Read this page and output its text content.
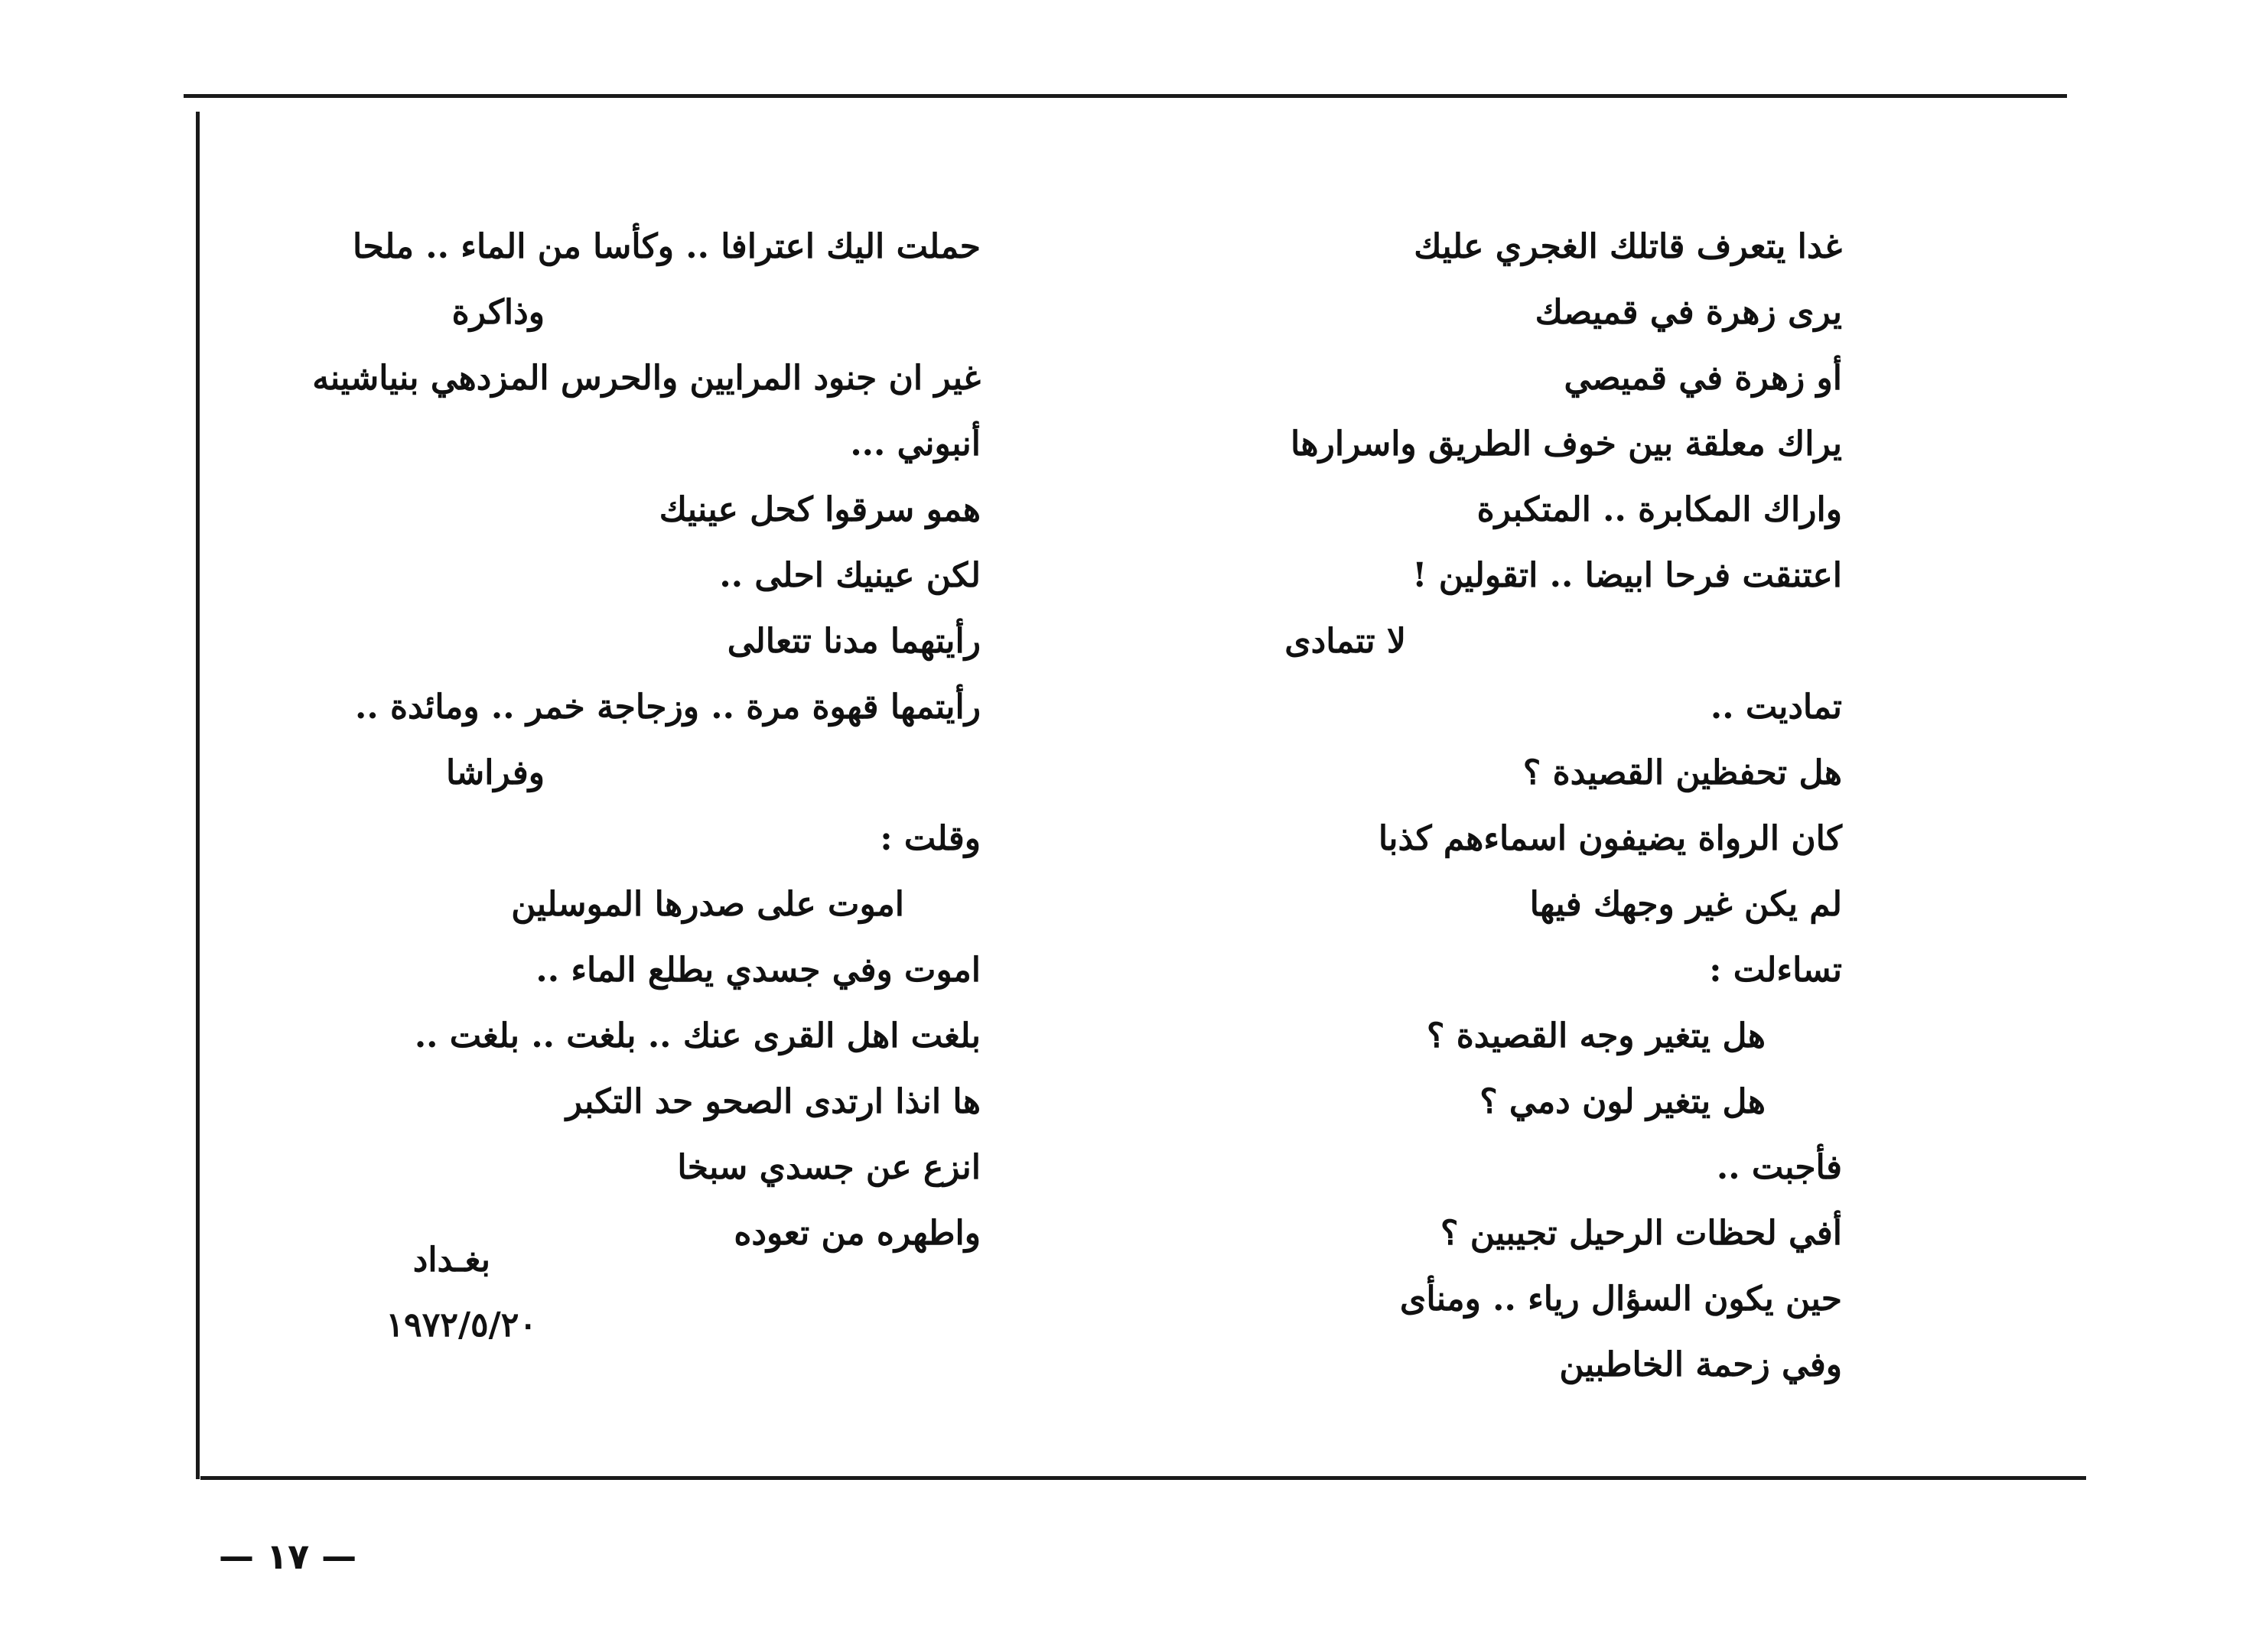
غدا يتعرف قاتلك الغجري عليك
يرى زهرة في قميصك
أو زهرة في قميصي
يراك معلقة بين خوف الطريق واسرارها
واراك المكابرة .. المتكبرة
اعتنقت فرحا ابيضا .. اتقولين !
لا تتمادى
تماديت ..
هل تحفظين القصيدة ؟
كان الرواة يضيفون اسماءهم كذبا
لم يكن غير وجهك فيها
تساءلت :
هل يتغير وجه القصيدة ؟
هل يتغير لون دمي ؟
فأجبت ..
أفي لحظات الرحيل تجيبين ؟
حين يكون السؤال رياء .. ومنأى
وفي زحمة الخاطبين
حملت اليك اعترافا .. وكأسا من الماء .. ملحا
وذاكرة
غير ان جنود المرايين والحرس المزدهي بنياشينه
أنبوني ...
همو سرقوا كحل عينيك
لكن عينيك احلى ..
رأيتهما مدنا تتعالى
رأيتمها قهوة مرة .. وزجاجة خمر .. ومائدة ..
وفراشا
وقلت :
اموت على صدرها الموسلين
اموت وفي جسدي يطلع الماء ..
بلغت اهل القرى عنك .. بلغت .. بلغت ..
ها انذا ارتدى الصحو حد التكبر
انزع عن جسدي سبخا
واطهره من تعوده
بغـداد
١٩٧٢/٥/٢٠
— ١٧ —
